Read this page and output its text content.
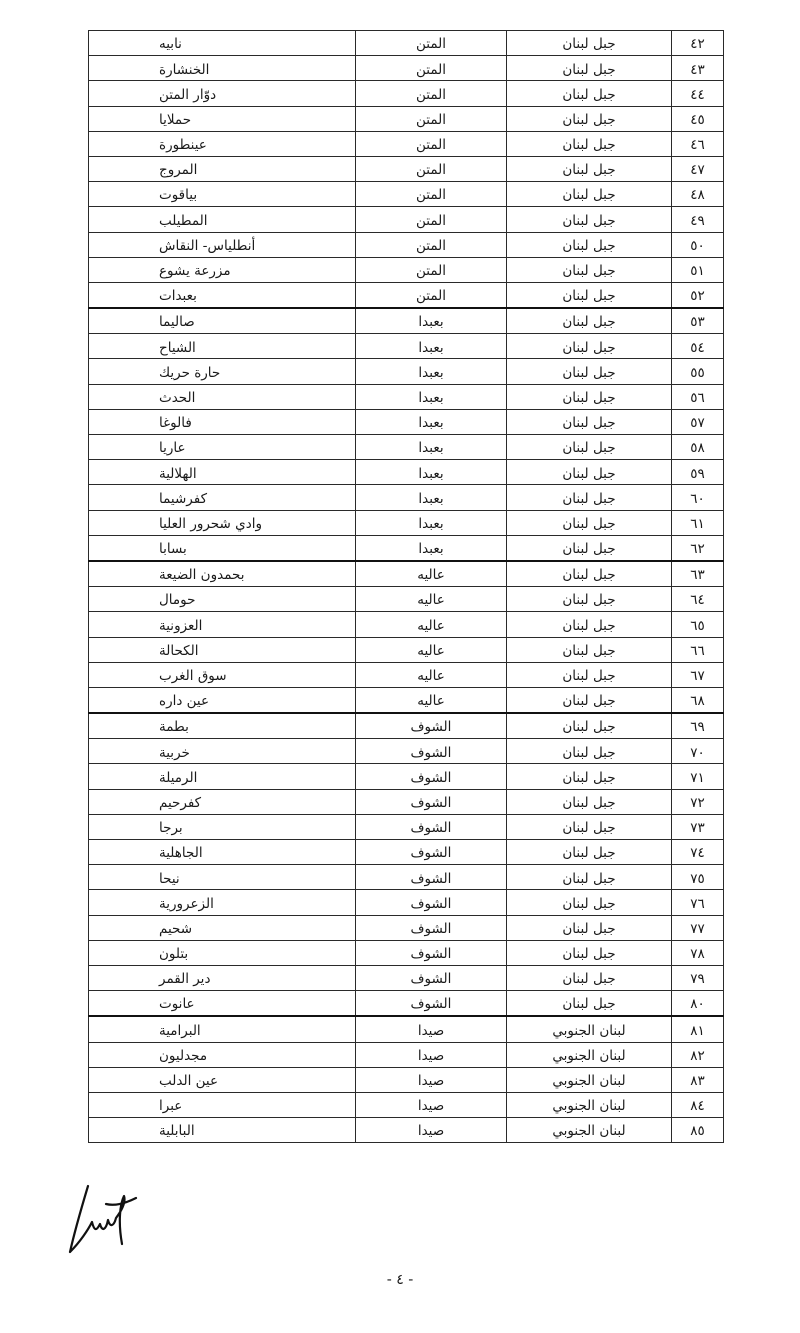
٤٢	جبل لبنان	المتن	نابيه
٤٣	جبل لبنان	المتن	الخنشارة
٤٤	جبل لبنان	المتن	دوّار المتن
٤٥	جبل لبنان	المتن	حملايا
٤٦	جبل لبنان	المتن	عينطورة
٤٧	جبل لبنان	المتن	المروج
٤٨	جبل لبنان	المتن	بياقوت
٤٩	جبل لبنان	المتن	المطيلب
٥٠	جبل لبنان	المتن	أنطلياس- النقاش
٥١	جبل لبنان	المتن	مزرعة يشوع
٥٢	جبل لبنان	المتن	بعبدات
٥٣	جبل لبنان	بعبدا	صاليما
٥٤	جبل لبنان	بعبدا	الشياح
٥٥	جبل لبنان	بعبدا	حارة حريك
٥٦	جبل لبنان	بعبدا	الحدث
٥٧	جبل لبنان	بعبدا	فالوغا
٥٨	جبل لبنان	بعبدا	عاريا
٥٩	جبل لبنان	بعبدا	الهلالية
٦٠	جبل لبنان	بعبدا	كفرشيما
٦١	جبل لبنان	بعبدا	وادي شحرور العليا
٦٢	جبل لبنان	بعبدا	بسابا
٦٣	جبل لبنان	عاليه	بحمدون الضيعة
٦٤	جبل لبنان	عاليه	حومال
٦٥	جبل لبنان	عاليه	العزونية
٦٦	جبل لبنان	عاليه	الكحالة
٦٧	جبل لبنان	عاليه	سوق الغرب
٦٨	جبل لبنان	عاليه	عين داره
٦٩	جبل لبنان	الشوف	بطمة
٧٠	جبل لبنان	الشوف	خربية
٧١	جبل لبنان	الشوف	الرميلة
٧٢	جبل لبنان	الشوف	كفرحيم
٧٣	جبل لبنان	الشوف	برجا
٧٤	جبل لبنان	الشوف	الجاهلية
٧٥	جبل لبنان	الشوف	نيحا
٧٦	جبل لبنان	الشوف	الزعرورية
٧٧	جبل لبنان	الشوف	شحيم
٧٨	جبل لبنان	الشوف	بتلون
٧٩	جبل لبنان	الشوف	دير القمر
٨٠	جبل لبنان	الشوف	عانوت
٨١	لبنان الجنوبي	صيدا	البرامية
٨٢	لبنان الجنوبي	صيدا	مجدليون
٨٣	لبنان الجنوبي	صيدا	عين الدلب
٨٤	لبنان الجنوبي	صيدا	عبرا
٨٥	لبنان الجنوبي	صيدا	البابلية
- ٤ -
